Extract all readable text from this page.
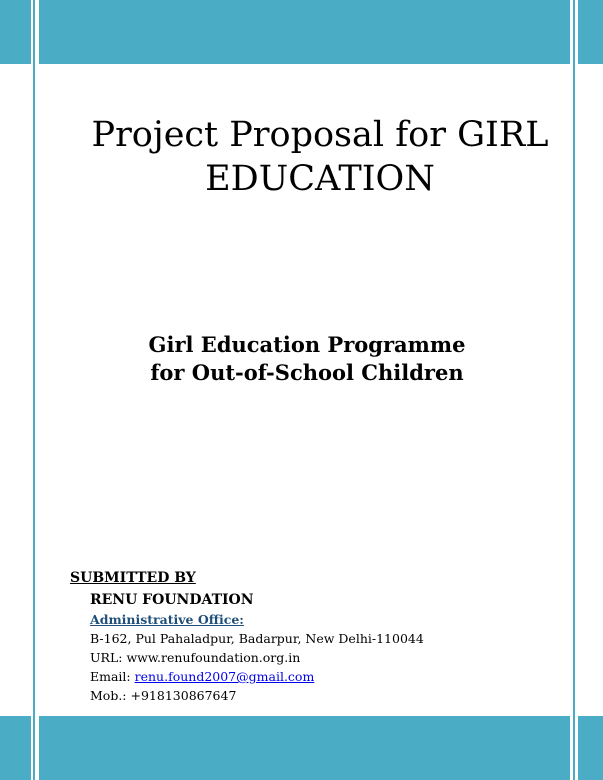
Project Proposal for GIRL
EDUCATION
Girl Education Programme
for Out-of-School Children
SUBMITTED BY
RENU FOUNDATION
Administrative Office:
B-162, Pul Pahaladpur, Badarpur, New Delhi-110044
URL: www.renufoundation.org.in
Email: renu.found2007@gmail.com
Mob.: +918130867647
